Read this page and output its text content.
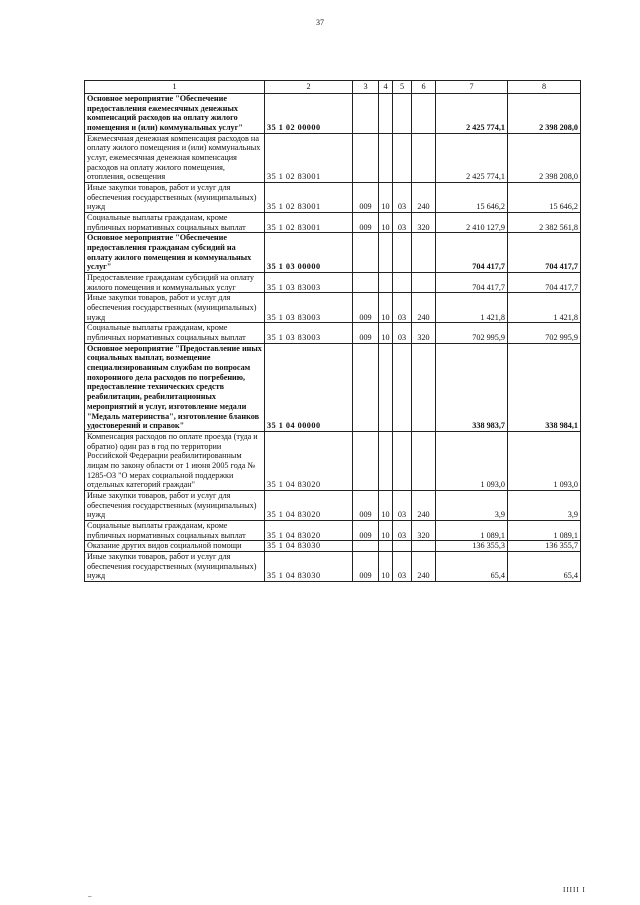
37
1	2	3	4	5	6	7	8
Основное мероприятие "Обеспечение предоставления ежемесячных денежных компенсаций расходов на оплату жилого помещения и (или) коммунальных услуг"	35 1 02 00000					2 425 774,1	2 398 208,0
Ежемесячная денежная компенсация расходов на оплату жилого помещения и (или) коммунальных услуг, ежемесячная денежная компенсация расходов на оплату жилого помещения, отопления, освещения	35 1 02 83001					2 425 774,1	2 398 208,0
Иные закупки товаров, работ и услуг для обеспечения государственных (муниципальных) нужд	35 1 02 83001	009	10	03	240	15 646,2	15 646,2
Социальные выплаты гражданам, кроме публичных нормативных социальных выплат	35 1 02 83001	009	10	03	320	2 410 127,9	2 382 561,8
Основное мероприятие "Обеспечение предоставления гражданам субсидий на оплату жилого помещения и коммунальных услуг"	35 1 03 00000					704 417,7	704 417,7
Предоставление гражданам субсидий на оплату жилого помещения и коммунальных услуг	35 1 03 83003					704 417,7	704 417,7
Иные закупки товаров, работ и услуг для обеспечения государственных (муниципальных) нужд	35 1 03 83003	009	10	03	240	1 421,8	1 421,8
Социальные выплаты гражданам, кроме публичных нормативных социальных выплат	35 1 03 83003	009	10	03	320	702 995,9	702 995,9
Основное мероприятие "Предоставление иных социальных выплат, возмещение специализированным службам по вопросам похоронного дела расходов по погребению, предоставление технических средств реабилитации, реабилитационных мероприятий и услуг, изготовление медали "Медаль материнства", изготовление бланков удостоверений и справок"	35 1 04 00000					338 983,7	338 984,1
Компенсация расходов по оплате проезда (туда и обратно) один раз в год по территории Российской Федерации реабилитированным лицам по закону области от 1 июня 2005 года № 1285-ОЗ "О мерах социальной поддержки отдельных категорий граждан"	35 1 04 83020					1 093,0	1 093,0
Иные закупки товаров, работ и услуг для обеспечения государственных (муниципальных) нужд	35 1 04 83020	009	10	03	240	3,9	3,9
Социальные выплаты гражданам, кроме публичных нормативных социальных выплат	35 1 04 83020	009	10	03	320	1 089,1	1 089,1
Оказание других видов социальной помощи	35 1 04 83030					136 355,3	136 355,7
Иные закупки товаров, работ и услуг для обеспечения государственных (муниципальных) нужд	35 1 04 83030	009	10	03	240	65,4	65,4
_	IIIII I
